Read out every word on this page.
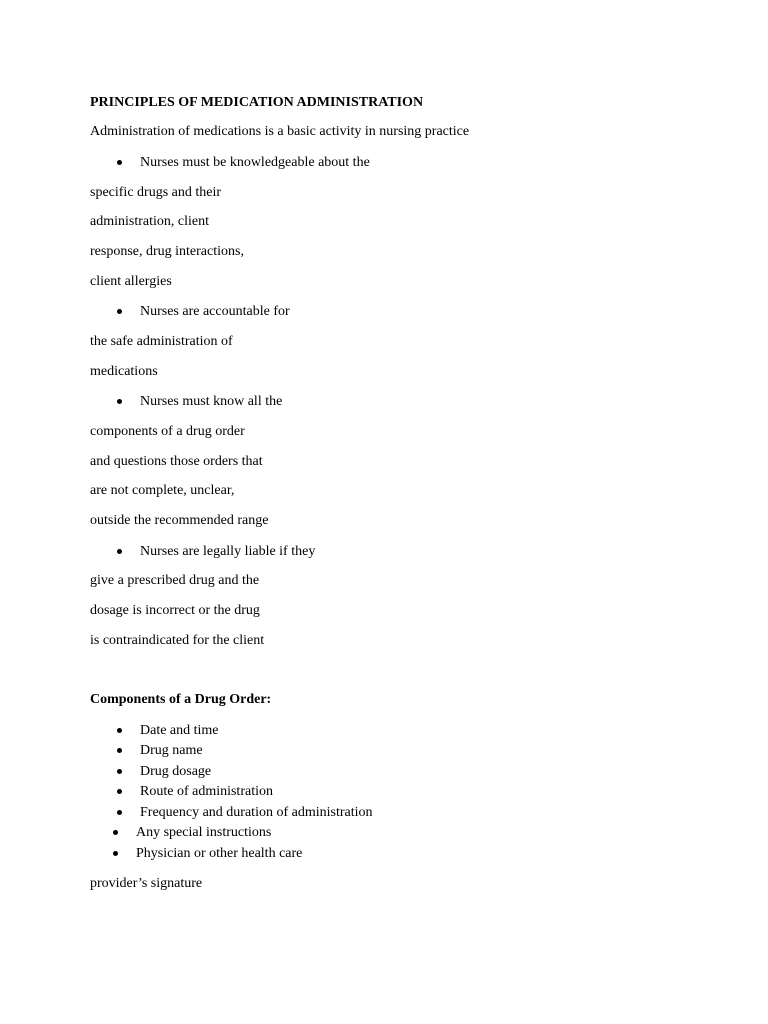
PRINCIPLES OF MEDICATION ADMINISTRATION
Administration of medications is a basic activity in nursing practice
Nurses must be knowledgeable about the
specific drugs and their
administration, client
response, drug interactions,
client allergies
Nurses are accountable for
the safe administration of
medications
Nurses must know all the
components of a drug order
and questions those orders that
are not complete, unclear,
outside the recommended range
Nurses are legally liable if they
give a prescribed drug and the
dosage is incorrect or the drug
is contraindicated for the client
Components of a Drug Order:
Date and time
Drug name
Drug dosage
Route of administration
Frequency and duration of administration
Any special instructions
Physician or other health care
provider’s signature
